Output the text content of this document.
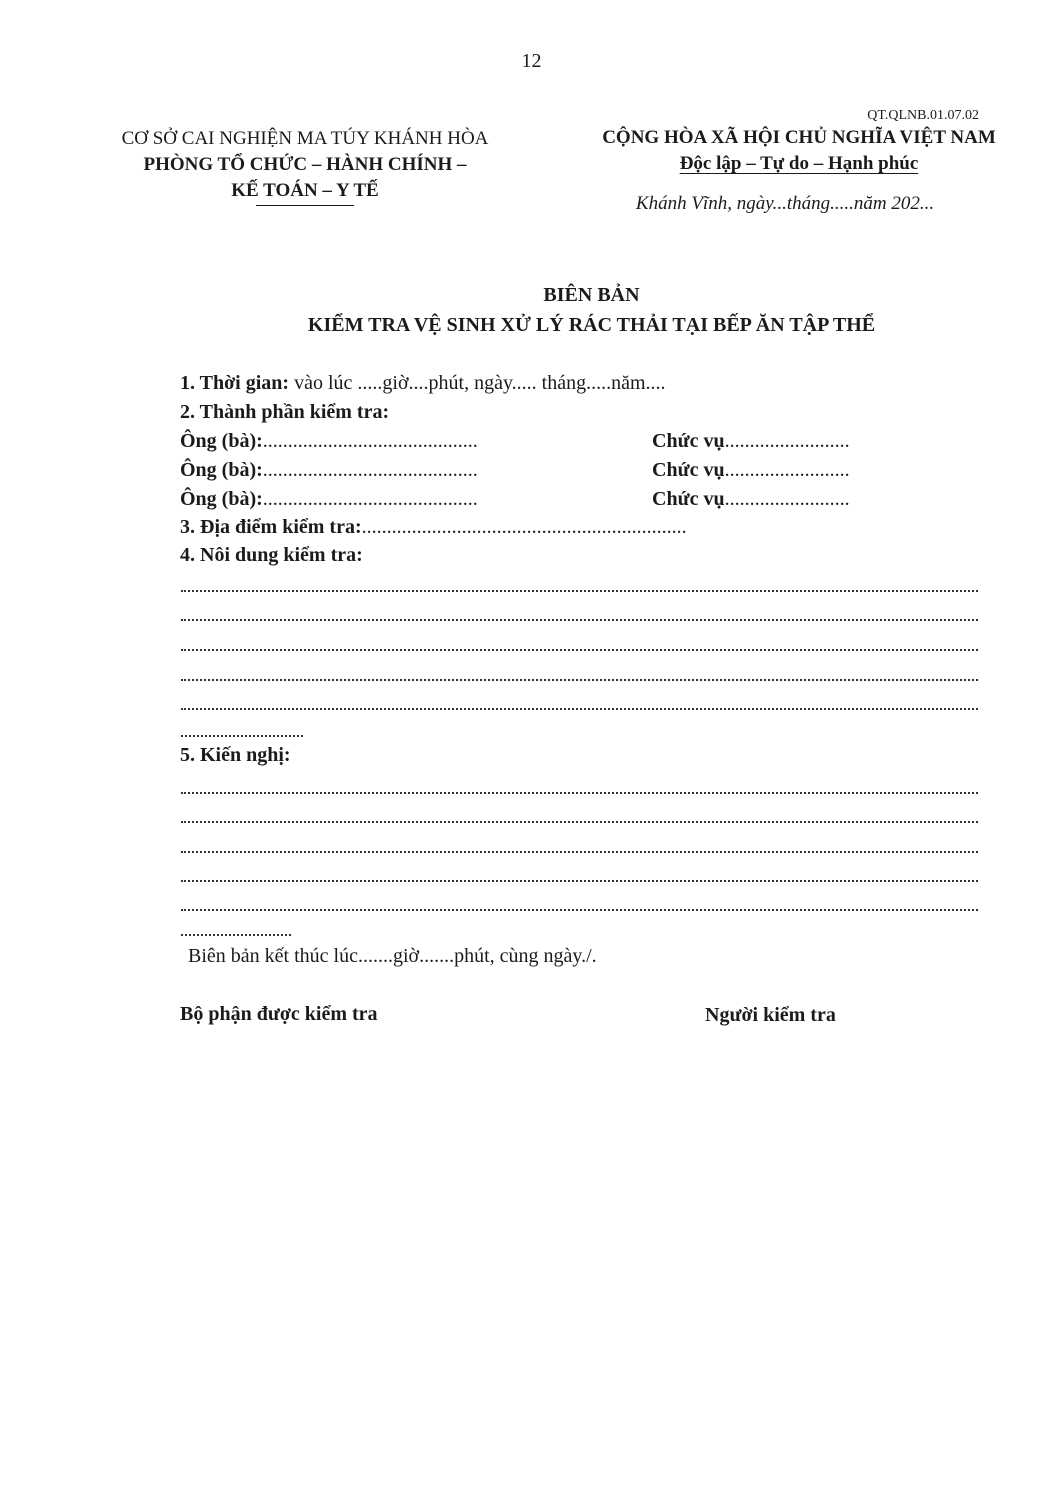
12
QT.QLNB.01.07.02
CƠ SỞ CAI NGHIỆN MA TÚY KHÁNH HÒA
PHÒNG TỔ CHỨC – HÀNH CHÍNH –
KẾ TOÁN – Y TẾ
CỘNG HÒA XÃ HỘI CHỦ NGHĨA VIỆT NAM
Độc lập – Tự do – Hạnh phúc
Khánh Vĩnh, ngày...tháng.....năm 202...
BIÊN BẢN
KIỂM TRA VỆ SINH XỬ LÝ RÁC THẢI TẠI BẾP ĂN TẬP THỂ
1. Thời gian: vào lúc .....giờ....phút, ngày..... tháng.....năm....
2. Thành phần kiểm tra:
Ông (bà):...........................................	Chức vụ.........................
Ông (bà):...........................................	Chức vụ.........................
Ông (bà):...........................................	Chức vụ.........................
3. Địa điểm kiểm tra:.................................................................
4. Nôi dung kiểm tra:
5. Kiến nghị:
Biên bản kết thúc lúc.......giờ.......phút, cùng ngày./.
Bộ phận được kiểm tra	Người kiểm tra
